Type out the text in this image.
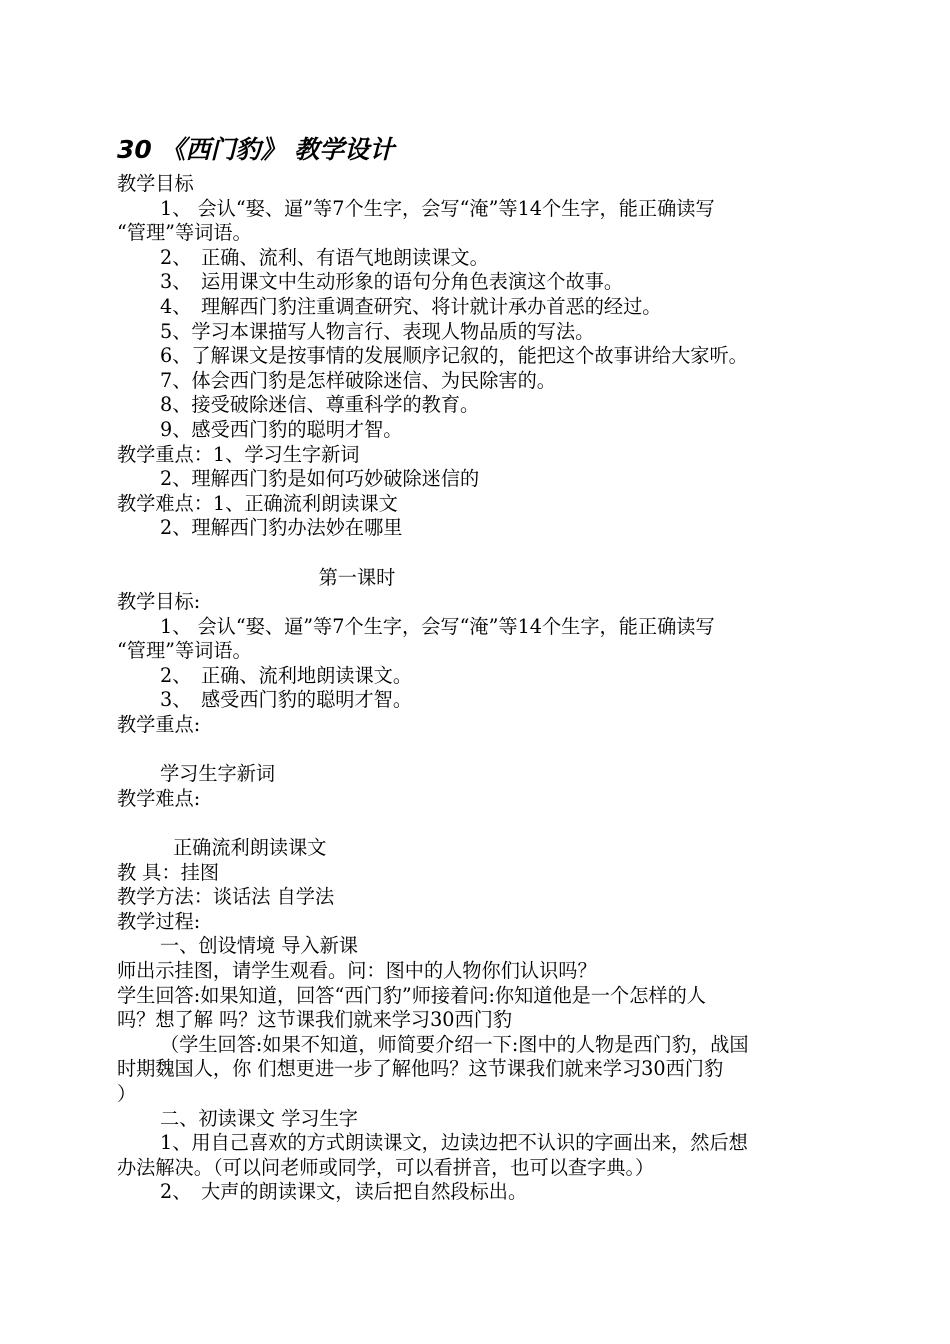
30 《西门豹》 教学设计

教学目标

1、 会认“娶、逼”等7个生字，会写“淹”等14个生字，能正确读写

“管理”等词语。

2、　正确、流利、有语气地朗读课文。

3、　运用课文中生动形象的语句分角色表演这个故事。

4、　理解西门豹注重调查研究、将计就计承办首恶的经过。

5、学习本课描写人物言行、表现人物品质的写法。

6、了解课文是按事情的发展顺序记叙的，能把这个故事讲给大家听。

7、体会西门豹是怎样破除迷信、为民除害的。

8、接受破除迷信、尊重科学的教育。

9、感受西门豹的聪明才智。

教学重点：1、学习生字新词

2、理解西门豹是如何巧妙破除迷信的

教学难点：1、正确流利朗读课文

2、理解西门豹办法妙在哪里

第一课时

教学目标:

1、 会认“娶、逼”等7个生字，会写“淹”等14个生字，能正确读写

“管理”等词语。

2、　正确、流利地朗读课文。

3、　感受西门豹的聪明才智。

教学重点:

学习生字新词

教学难点:

正确流利朗读课文

教 具：挂图

教学方法：谈话法 自学法

教学过程:

一、创设情境 导入新课

师出示挂图，请学生观看。问：图中的人物你们认识吗？

学生回答:如果知道，回答“西门豹”师接着问:你知道他是一个怎样的人

吗？想了解 吗？这节课我们就来学习30西门豹

（学生回答:如果不知道，师简要介绍一下:图中的人物是西门豹，战国

时期魏国人，你 们想更进一步了解他吗？这节课我们就来学习30西门豹

）

二、初读课文 学习生字

1、用自己喜欢的方式朗读课文，边读边把不认识的字画出来，然后想

办法解决。（可以问老师或同学，可以看拼音，也可以查字典。）

2、　大声的朗读课文，读后把自然段标出。
